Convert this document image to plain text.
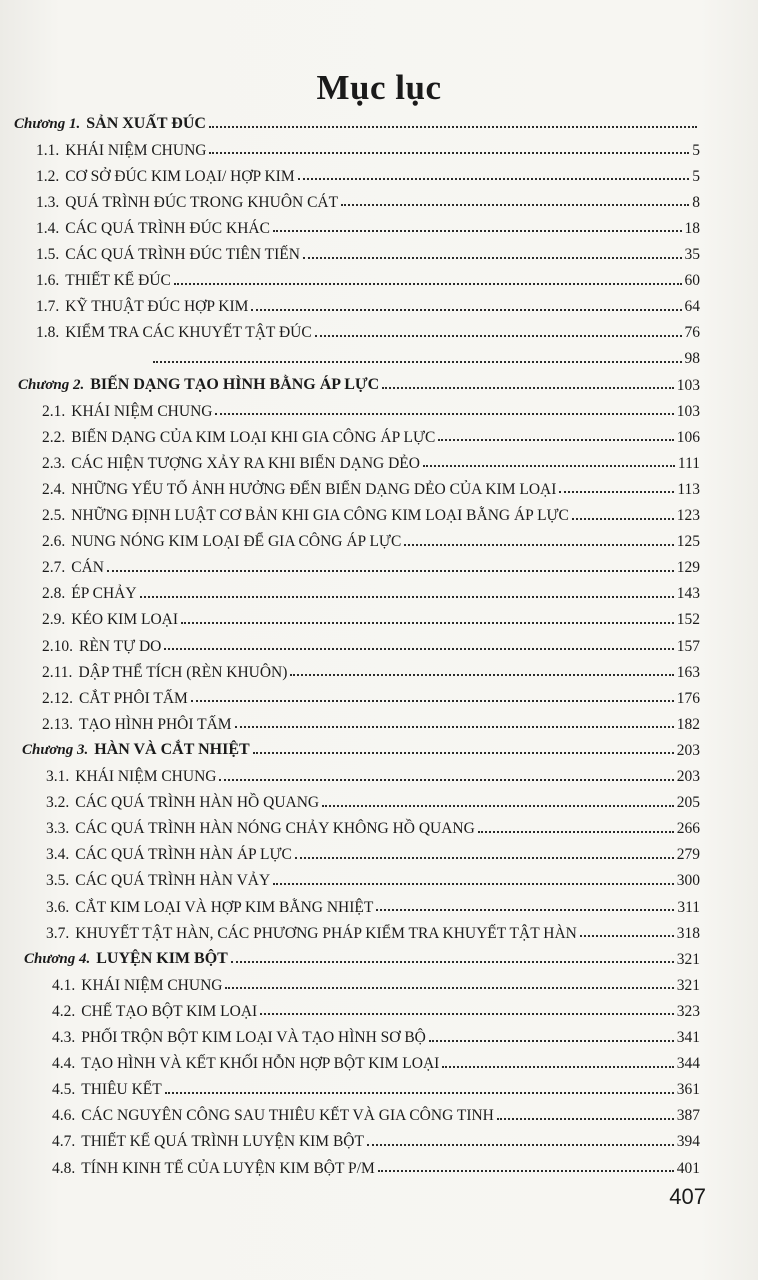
Mục lục
Chương 1. SẢN XUẤT ĐÚC
1.1. KHÁI NIỆM CHUNG	5
1.2. CƠ SỞ ĐÚC KIM LOẠI/ HỢP KIM	5
1.3. QUÁ TRÌNH ĐÚC TRONG KHUÔN CÁT	8
1.4. CÁC QUÁ TRÌNH ĐÚC KHÁC	18
1.5. CÁC QUÁ TRÌNH ĐÚC TIÊN TIẾN	35
1.6. THIẾT KẾ ĐÚC	60
1.7. KỸ THUẬT ĐÚC HỢP KIM	64
1.8. KIỂM TRA CÁC KHUYẾT TẬT ĐÚC	76
98
Chương 2. BIẾN DẠNG TẠO HÌNH BẰNG ÁP LỰC	103
2.1. KHÁI NIỆM CHUNG	103
2.2. BIẾN DẠNG CỦA KIM LOẠI KHI GIA CÔNG ÁP LỰC	106
2.3. CÁC HIỆN TƯỢNG XẢY RA KHI BIẾN DẠNG DẺO	111
2.4. NHỮNG YẾU TỐ ẢNH HƯỞNG ĐẾN BIẾN DẠNG DẺO CỦA KIM LOẠI	113
2.5. NHỮNG ĐỊNH LUẬT CƠ BẢN KHI GIA CÔNG KIM LOẠI BẰNG ÁP LỰC	123
2.6. NUNG NÓNG KIM LOẠI ĐỂ GIA CÔNG ÁP LỰC	125
2.7. CÁN	129
2.8. ÉP CHẢY	143
2.9. KÉO KIM LOẠI	152
2.10. RÈN TỰ DO	157
2.11. DẬP THỂ TÍCH (RÈN KHUÔN)	163
2.12. CẮT PHÔI TẤM	176
2.13. TẠO HÌNH PHÔI TẤM	182
Chương 3. HÀN VÀ CẮT NHIỆT	203
3.1. KHÁI NIỆM CHUNG	203
3.2. CÁC QUÁ TRÌNH HÀN HỒ QUANG	205
3.3. CÁC QUÁ TRÌNH HÀN NÓNG CHẢY KHÔNG HỒ QUANG	266
3.4. CÁC QUÁ TRÌNH HÀN ÁP LỰC	279
3.5. CÁC QUÁ TRÌNH HÀN VẢY	300
3.6. CẮT KIM LOẠI VÀ HỢP KIM BẰNG NHIỆT	311
3.7. KHUYẾT TẬT HÀN, CÁC PHƯƠNG PHÁP KIỂM TRA KHUYẾT TẬT HÀN	318
Chương 4. LUYỆN KIM BỘT	321
4.1. KHÁI NIỆM CHUNG	321
4.2. CHẾ TẠO BỘT KIM LOẠI	323
4.3. PHỐI TRỘN BỘT KIM LOẠI VÀ TẠO HÌNH SƠ BỘ	341
4.4. TẠO HÌNH VÀ KẾT KHỐI HỖN HỢP BỘT KIM LOẠI	344
4.5. THIÊU KẾT	361
4.6. CÁC NGUYÊN CÔNG SAU THIÊU KẾT VÀ GIA CÔNG TINH	387
4.7. THIẾT KẾ QUÁ TRÌNH LUYỆN KIM BỘT	394
4.8. TÍNH KINH TẾ CỦA LUYỆN KIM BỘT P/M	401
407
